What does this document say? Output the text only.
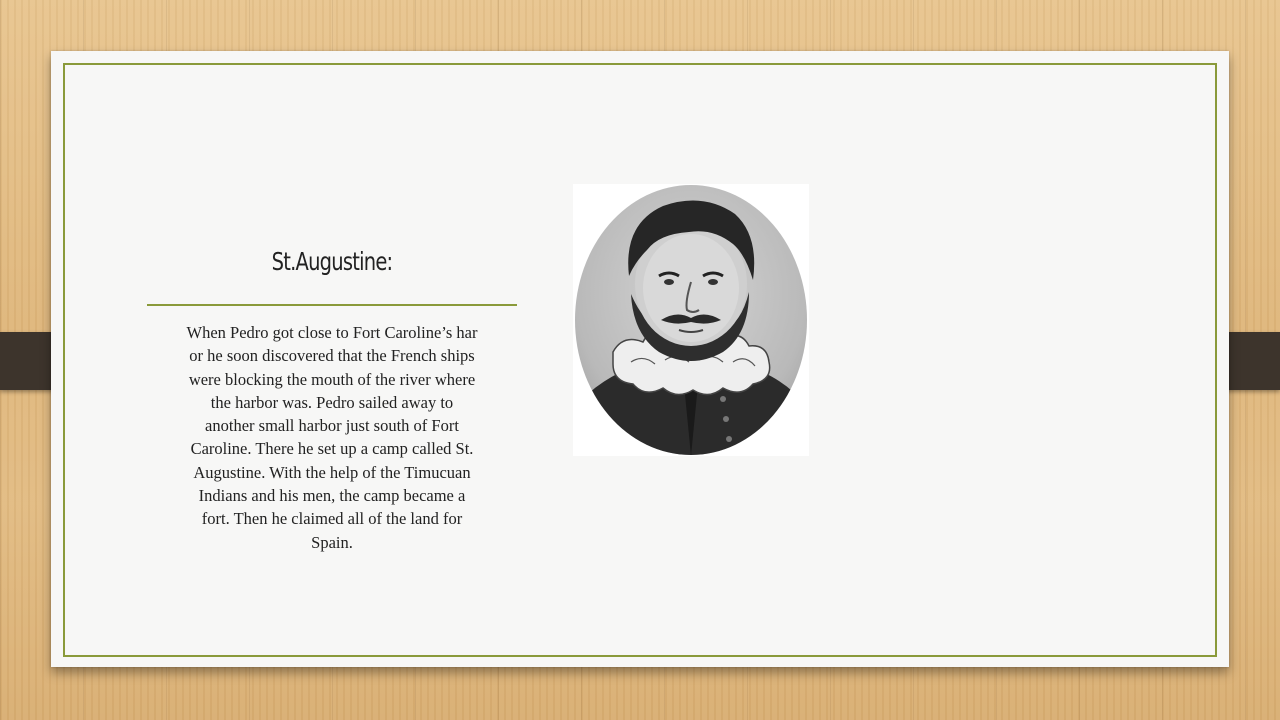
St.Augustine:
When Pedro got close to Fort Caroline’s har
or he soon discovered that the French ships
were blocking the mouth of the river where
the harbor was. Pedro sailed away to
another small harbor just south of Fort
Caroline. There he set up a camp called St.
Augustine. With the help of the Timucuan
Indians and his men, the camp became a
fort. Then he claimed all of the land for
Spain.
